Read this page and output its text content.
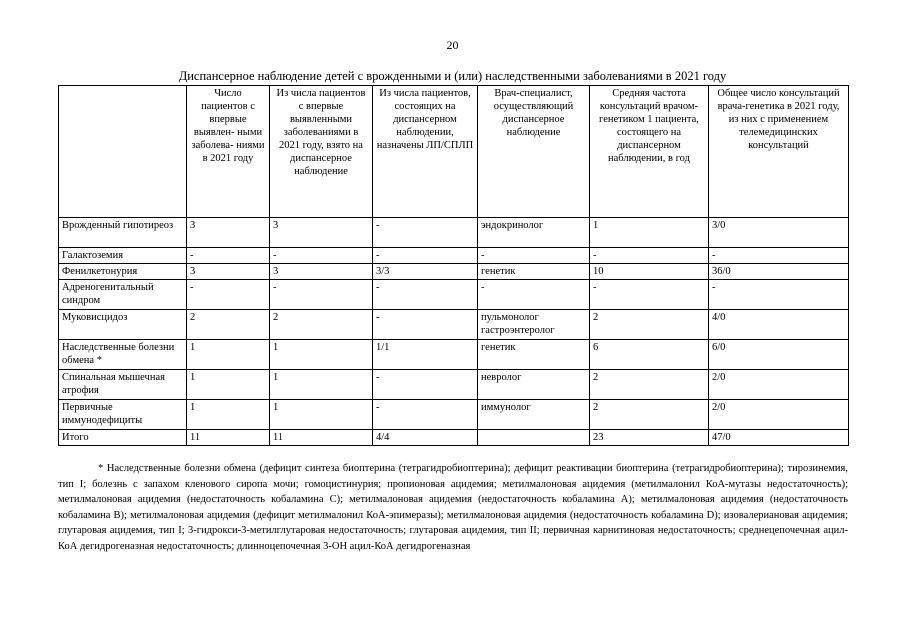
20
Диспансерное наблюдение детей с врожденными и (или) наследственными заболеваниями в 2021 году
	Число пациентов с впервые выявлен- ными заболева- ниями в 2021 году	Из числа пациентов с впервые выявленными заболеваниями в 2021 году, взято на диспансерное наблюдение	Из числа пациентов, состоящих на диспансерном наблюдении, назначены ЛП/СПЛП	Врач-специалист, осуществляющий диспансерное наблюдение	Средняя частота консультаций врачом-генетиком 1 пациента, состоящего на диспансерном наблюдении, в год	Общее число консультаций врача-генетика в 2021 году, из них с применением телемедицинских консультаций
Врожденный гипотиреоз	3	3	-	эндокринолог	1	3/0
Галактоземия	-	-	-	-	-	-
Фенилкетонурия	3	3	3/3	генетик	10	36/0
Адреногенитальный синдром	-	-	-	-	-	-
Муковисцидоз	2	2	-	пульмонолог гастроэнтеролог	2	4/0
Наследственные болезни обмена *	1	1	1/1	генетик	6	6/0
Спинальная мышечная атрофия	1	1	-	невролог	2	2/0
Первичные иммунодефициты	1	1	-	иммунолог	2	2/0
Итого	11	11	4/4		23	47/0
* Наследственные болезни обмена (дефицит синтеза биоптерина (тетрагидробиоптерина); дефицит реактивации биоптерина (тетрагидробиоптерина); тирозинемия, тип I; болезнь с запахом кленового сиропа мочи; гомоцистинурия; пропионовая ацидемия; метилмалоновая ацидемия (метилмалонил КоА-мутазы недостаточность); метилмалоновая ацидемия (недостаточность кобаламина C); метилмалоновая ацидемия (недостаточность кобаламина A); метилмалоновая ацидемия (недостаточность кобаламина B); метилмалоновая ацидемия (дефицит метилмалонил КоА-эпимеразы); метилмалоновая ацидемия (недостаточность кобаламина D); изовалериановая ацидемия; глутаровая ацидемия, тип I; 3-гидрокси-3-метилглутаровая недостаточность; глутаровая ацидемия, тип II; первичная карнитиновая недостаточность; среднецепочечная ацил-КоА дегидрогеназная недостаточность; длинноцепочечная 3-ОН ацил-КоА дегидрогеназная
